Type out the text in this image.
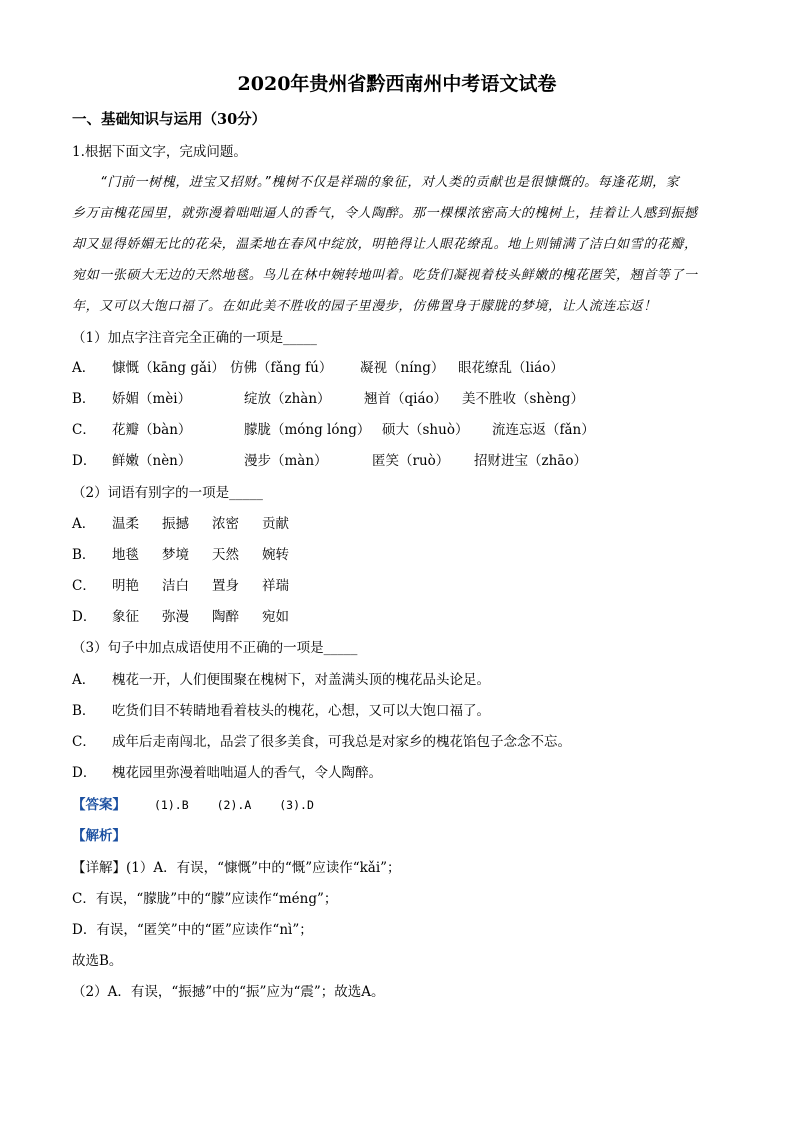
2020年贵州省黔西南州中考语文试卷
一、基础知识与运用（30分）
1.根据下面文字，完成问题。
“门前一树槐，进宝又招财。”槐树不仅是祥瑞的象征，对人类的贡献也是很慷慨的。每逢花期，家
乡万亩槐花园里，就弥漫着咄咄逼人的香气，令人陶醉。那一棵棵浓密高大的槐树上，挂着让人感到振撼
却又显得娇媚无比的花朵，温柔地在春风中绽放，明艳得让人眼花缭乱。地上则铺满了洁白如雪的花瓣，
宛如一张硕大无边的天然地毯。鸟儿在林中婉转地叫着。吃货们凝视着枝头鲜嫩的槐花匿笑，翘首等了一
年，又可以大饱口福了。在如此美不胜收的园子里漫步，仿佛置身于朦胧的梦境，让人流连忘返！
（1）加点字注音完全正确的一项是_____
A． 慷慨（kāng gǎi） 仿佛（fǎng fú） 凝视（níng） 眼花缭乱（liáo）
B． 娇媚（mèi）	绽放（zhàn） 翘首（qiáo） 美不胜收（shèng）
C． 花瓣（bàn）	朦胧（móng lóng） 硕大（shuò） 流连忘返（fǎn）
D． 鲜嫩（nèn）	漫步（màn）	匿笑（ruò） 招财进宝（zhāo）
（2）词语有别字的一项是_____
A． 温柔 振撼 浓密 贡献
B． 地毯 梦境 天然 婉转
C． 明艳 洁白 置身 祥瑞
D． 象征 弥漫 陶醉 宛如
（3）句子中加点成语使用不正确的一项是_____
A． 槐花一开，人们便围聚在槐树下，对盖满头顶的槐花品头论足。
B． 吃货们目不转睛地看着枝头的槐花，心想，又可以大饱口福了。
C． 成年后走南闯北，品尝了很多美食，可我总是对家乡的槐花馅包子念念不忘。
D． 槐花园里弥漫着咄咄逼人的香气，令人陶醉。
【答案】 (1).B (2).A (3).D
【解析】
【详解】(1）A．有误，“慷慨”中的“慨”应读作“kǎi”；
C．有误，“朦胧”中的“朦”应读作“méng”；
D．有误，“匿笑”中的“匿”应读作“nì”；
故选B。
（2）A．有误，“振撼”中的“振”应为“震”；故选A。
